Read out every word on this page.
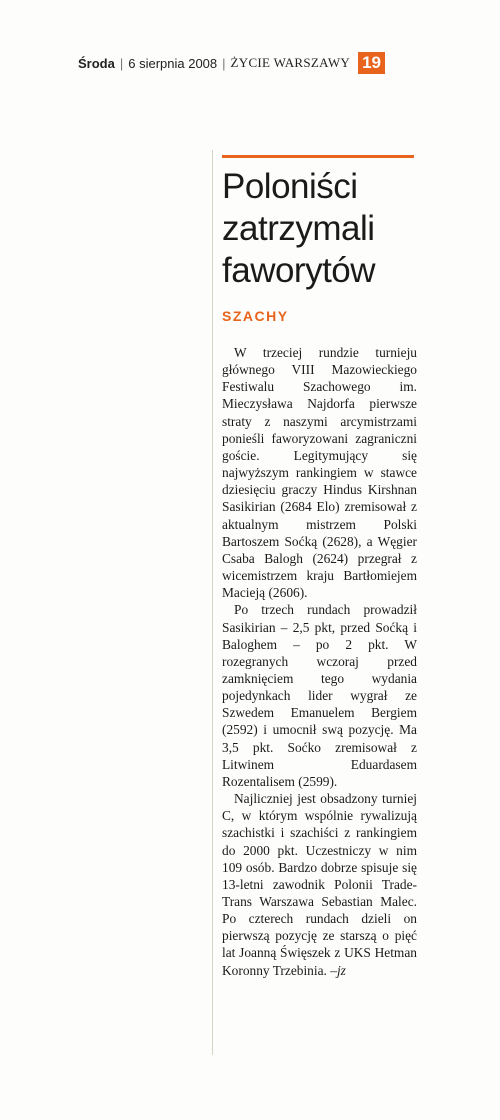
Środa | 6 sierpnia 2008 | ŻYCIE WARSZAWY 19
Poloniści
zatrzymali
faworytów
SZACHY

W trzeciej rundzie turnieju głównego VIII Mazowieckiego Festiwalu Szachowego im. Mieczysława Najdorfa pierwsze straty z naszymi arcymistrzami ponieśli faworyzowani zagraniczni goście. Legitymujący się najwyższym rankingiem w stawce dziesięciu graczy Hindus Kirshnan Sasikirian (2684 Elo) zremisował z aktualnym mistrzem Polski Bartoszem Soćką (2628), a Węgier Csaba Balogh (2624) przegrał z wicemistrzem kraju Bartłomiejem Macieją (2606).

Po trzech rundach prowadził Sasikirian – 2,5 pkt, przed Soćką i Baloghem – po 2 pkt. W rozegranych wczoraj przed zamknięciem tego wydania pojedynkach lider wygrał ze Szwedem Emanuelem Bergiem (2592) i umocnił swą pozycję. Ma 3,5 pkt. Soćko zremisował z Litwinem Eduardasem Rozentalisem (2599).

Najliczniej jest obsadzony turniej C, w którym wspólnie rywalizują szachistki i szachiści z rankingiem do 2000 pkt. Uczestniczy w nim 109 osób. Bardzo dobrze spisuje się 13-letni zawodnik Polonii Trade-Trans Warszawa Sebastian Malec. Po czterech rundach dzieli on pierwszą pozycję ze starszą o pięć lat Joanną Święszek z UKS Hetman Koronny Trzebinia. –jz
